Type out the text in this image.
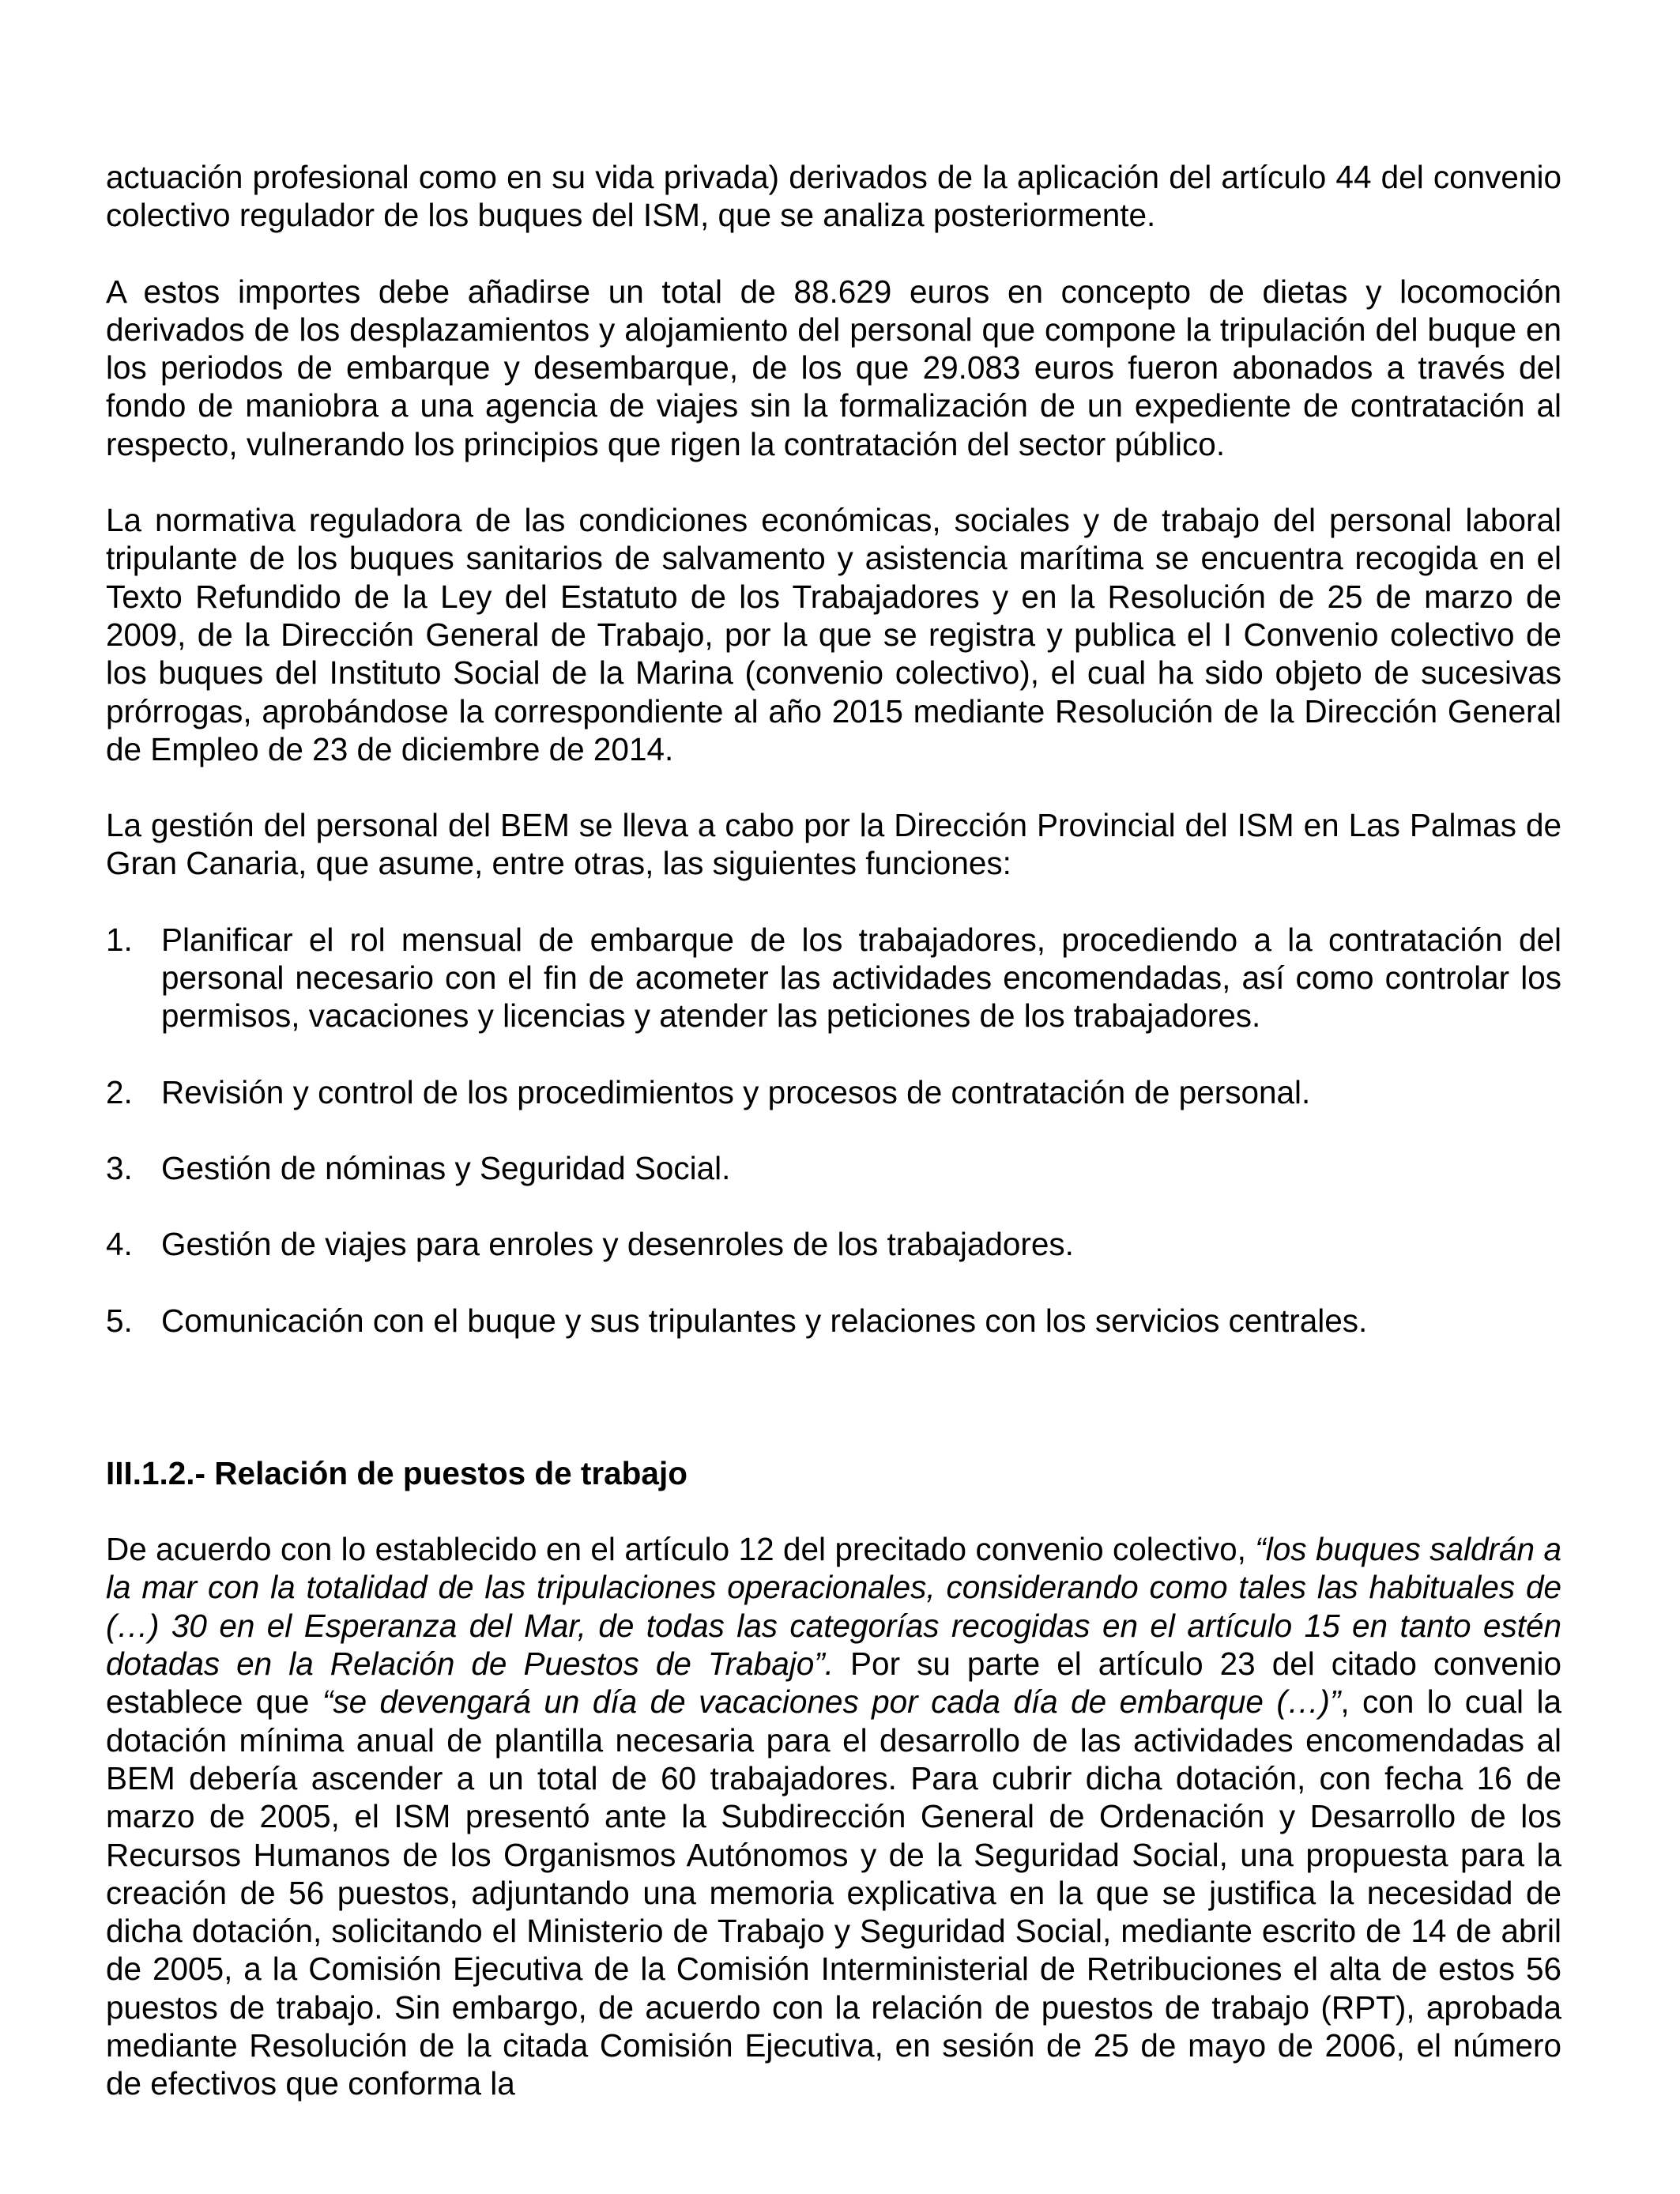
actuación profesional como en su vida privada) derivados de la aplicación del artículo 44 del convenio colectivo regulador de los buques del ISM, que se analiza posteriormente.

A estos importes debe añadirse un total de 88.629 euros en concepto de dietas y locomoción derivados de los desplazamientos y alojamiento del personal que compone la tripulación del buque en los periodos de embarque y desembarque, de los que 29.083 euros fueron abonados a través del fondo de maniobra a una agencia de viajes sin la formalización de un expediente de contratación al respecto, vulnerando los principios que rigen la contratación del sector público.

La normativa reguladora de las condiciones económicas, sociales y de trabajo del personal laboral tripulante de los buques sanitarios de salvamento y asistencia marítima se encuentra recogida en el Texto Refundido de la Ley del Estatuto de los Trabajadores y en la Resolución de 25 de marzo de 2009, de la Dirección General de Trabajo, por la que se registra y publica el I Convenio colectivo de los buques del Instituto Social de la Marina (convenio colectivo), el cual ha sido objeto de sucesivas prórrogas, aprobándose la correspondiente al año 2015 mediante Resolución de la Dirección General de Empleo de 23 de diciembre de 2014.

La gestión del personal del BEM se lleva a cabo por la Dirección Provincial del ISM en Las Palmas de Gran Canaria, que asume, entre otras, las siguientes funciones:

1. Planificar el rol mensual de embarque de los trabajadores, procediendo a la contratación del personal necesario con el fin de acometer las actividades encomendadas, así como controlar los permisos, vacaciones y licencias y atender las peticiones de los trabajadores.
2. Revisión y control de los procedimientos y procesos de contratación de personal.
3. Gestión de nóminas y Seguridad Social.
4. Gestión de viajes para enroles y desenroles de los trabajadores.
5. Comunicación con el buque y sus tripulantes y relaciones con los servicios centrales.

III.1.2.- Relación de puestos de trabajo

De acuerdo con lo establecido en el artículo 12 del precitado convenio colectivo, “los buques saldrán a la mar con la totalidad de las tripulaciones operacionales, considerando como tales las habituales de (…) 30 en el Esperanza del Mar, de todas las categorías recogidas en el artículo 15 en tanto estén dotadas en la Relación de Puestos de Trabajo”. Por su parte el artículo 23 del citado convenio establece que “se devengará un día de vacaciones por cada día de embarque (…)”, con lo cual la dotación mínima anual de plantilla necesaria para el desarrollo de las actividades encomendadas al BEM debería ascender a un total de 60 trabajadores. Para cubrir dicha dotación, con fecha 16 de marzo de 2005, el ISM presentó ante la Subdirección General de Ordenación y Desarrollo de los Recursos Humanos de los Organismos Autónomos y de la Seguridad Social, una propuesta para la creación de 56 puestos, adjuntando una memoria explicativa en la que se justifica la necesidad de dicha dotación, solicitando el Ministerio de Trabajo y Seguridad Social, mediante escrito de 14 de abril de 2005, a la Comisión Ejecutiva de la Comisión Interministerial de Retribuciones el alta de estos 56 puestos de trabajo. Sin embargo, de acuerdo con la relación de puestos de trabajo (RPT), aprobada mediante Resolución de la citada Comisión Ejecutiva, en sesión de 25 de mayo de 2006, el número de efectivos que conforma la
